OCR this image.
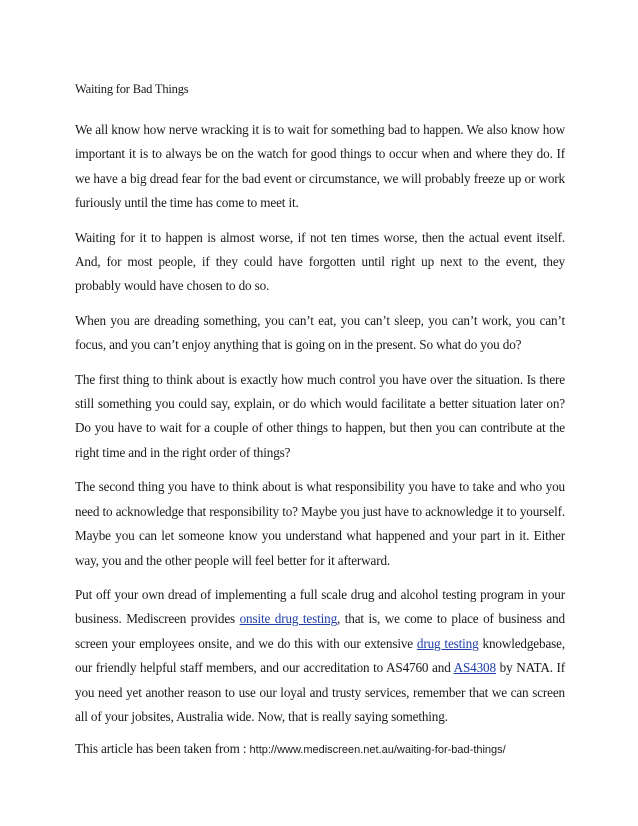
Waiting for Bad Things

We all know how nerve wracking it is to wait for something bad to happen. We also know how important it is to always be on the watch for good things to occur when and where they do. If we have a big dread fear for the bad event or circumstance, we will probably freeze up or work furiously until the time has come to meet it.

Waiting for it to happen is almost worse, if not ten times worse, then the actual event itself. And, for most people, if they could have forgotten until right up next to the event, they probably would have chosen to do so.

When you are dreading something, you can’t eat, you can’t sleep, you can’t work, you can’t focus, and you can’t enjoy anything that is going on in the present. So what do you do?

The first thing to think about is exactly how much control you have over the situation. Is there still something you could say, explain, or do which would facilitate a better situation later on? Do you have to wait for a couple of other things to happen, but then you can contribute at the right time and in the right order of things?

The second thing you have to think about is what responsibility you have to take and who you need to acknowledge that responsibility to? Maybe you just have to acknowledge it to yourself. Maybe you can let someone know you understand what happened and your part in it. Either way, you and the other people will feel better for it afterward.

Put off your own dread of implementing a full scale drug and alcohol testing program in your business. Mediscreen provides onsite drug testing, that is, we come to place of business and screen your employees onsite, and we do this with our extensive drug testing knowledgebase, our friendly helpful staff members, and our accreditation to AS4760 and AS4308 by NATA. If you need yet another reason to use our loyal and trusty services, remember that we can screen all of your jobsites, Australia wide. Now, that is really saying something.

This article has been taken from : http://www.mediscreen.net.au/waiting-for-bad-things/
